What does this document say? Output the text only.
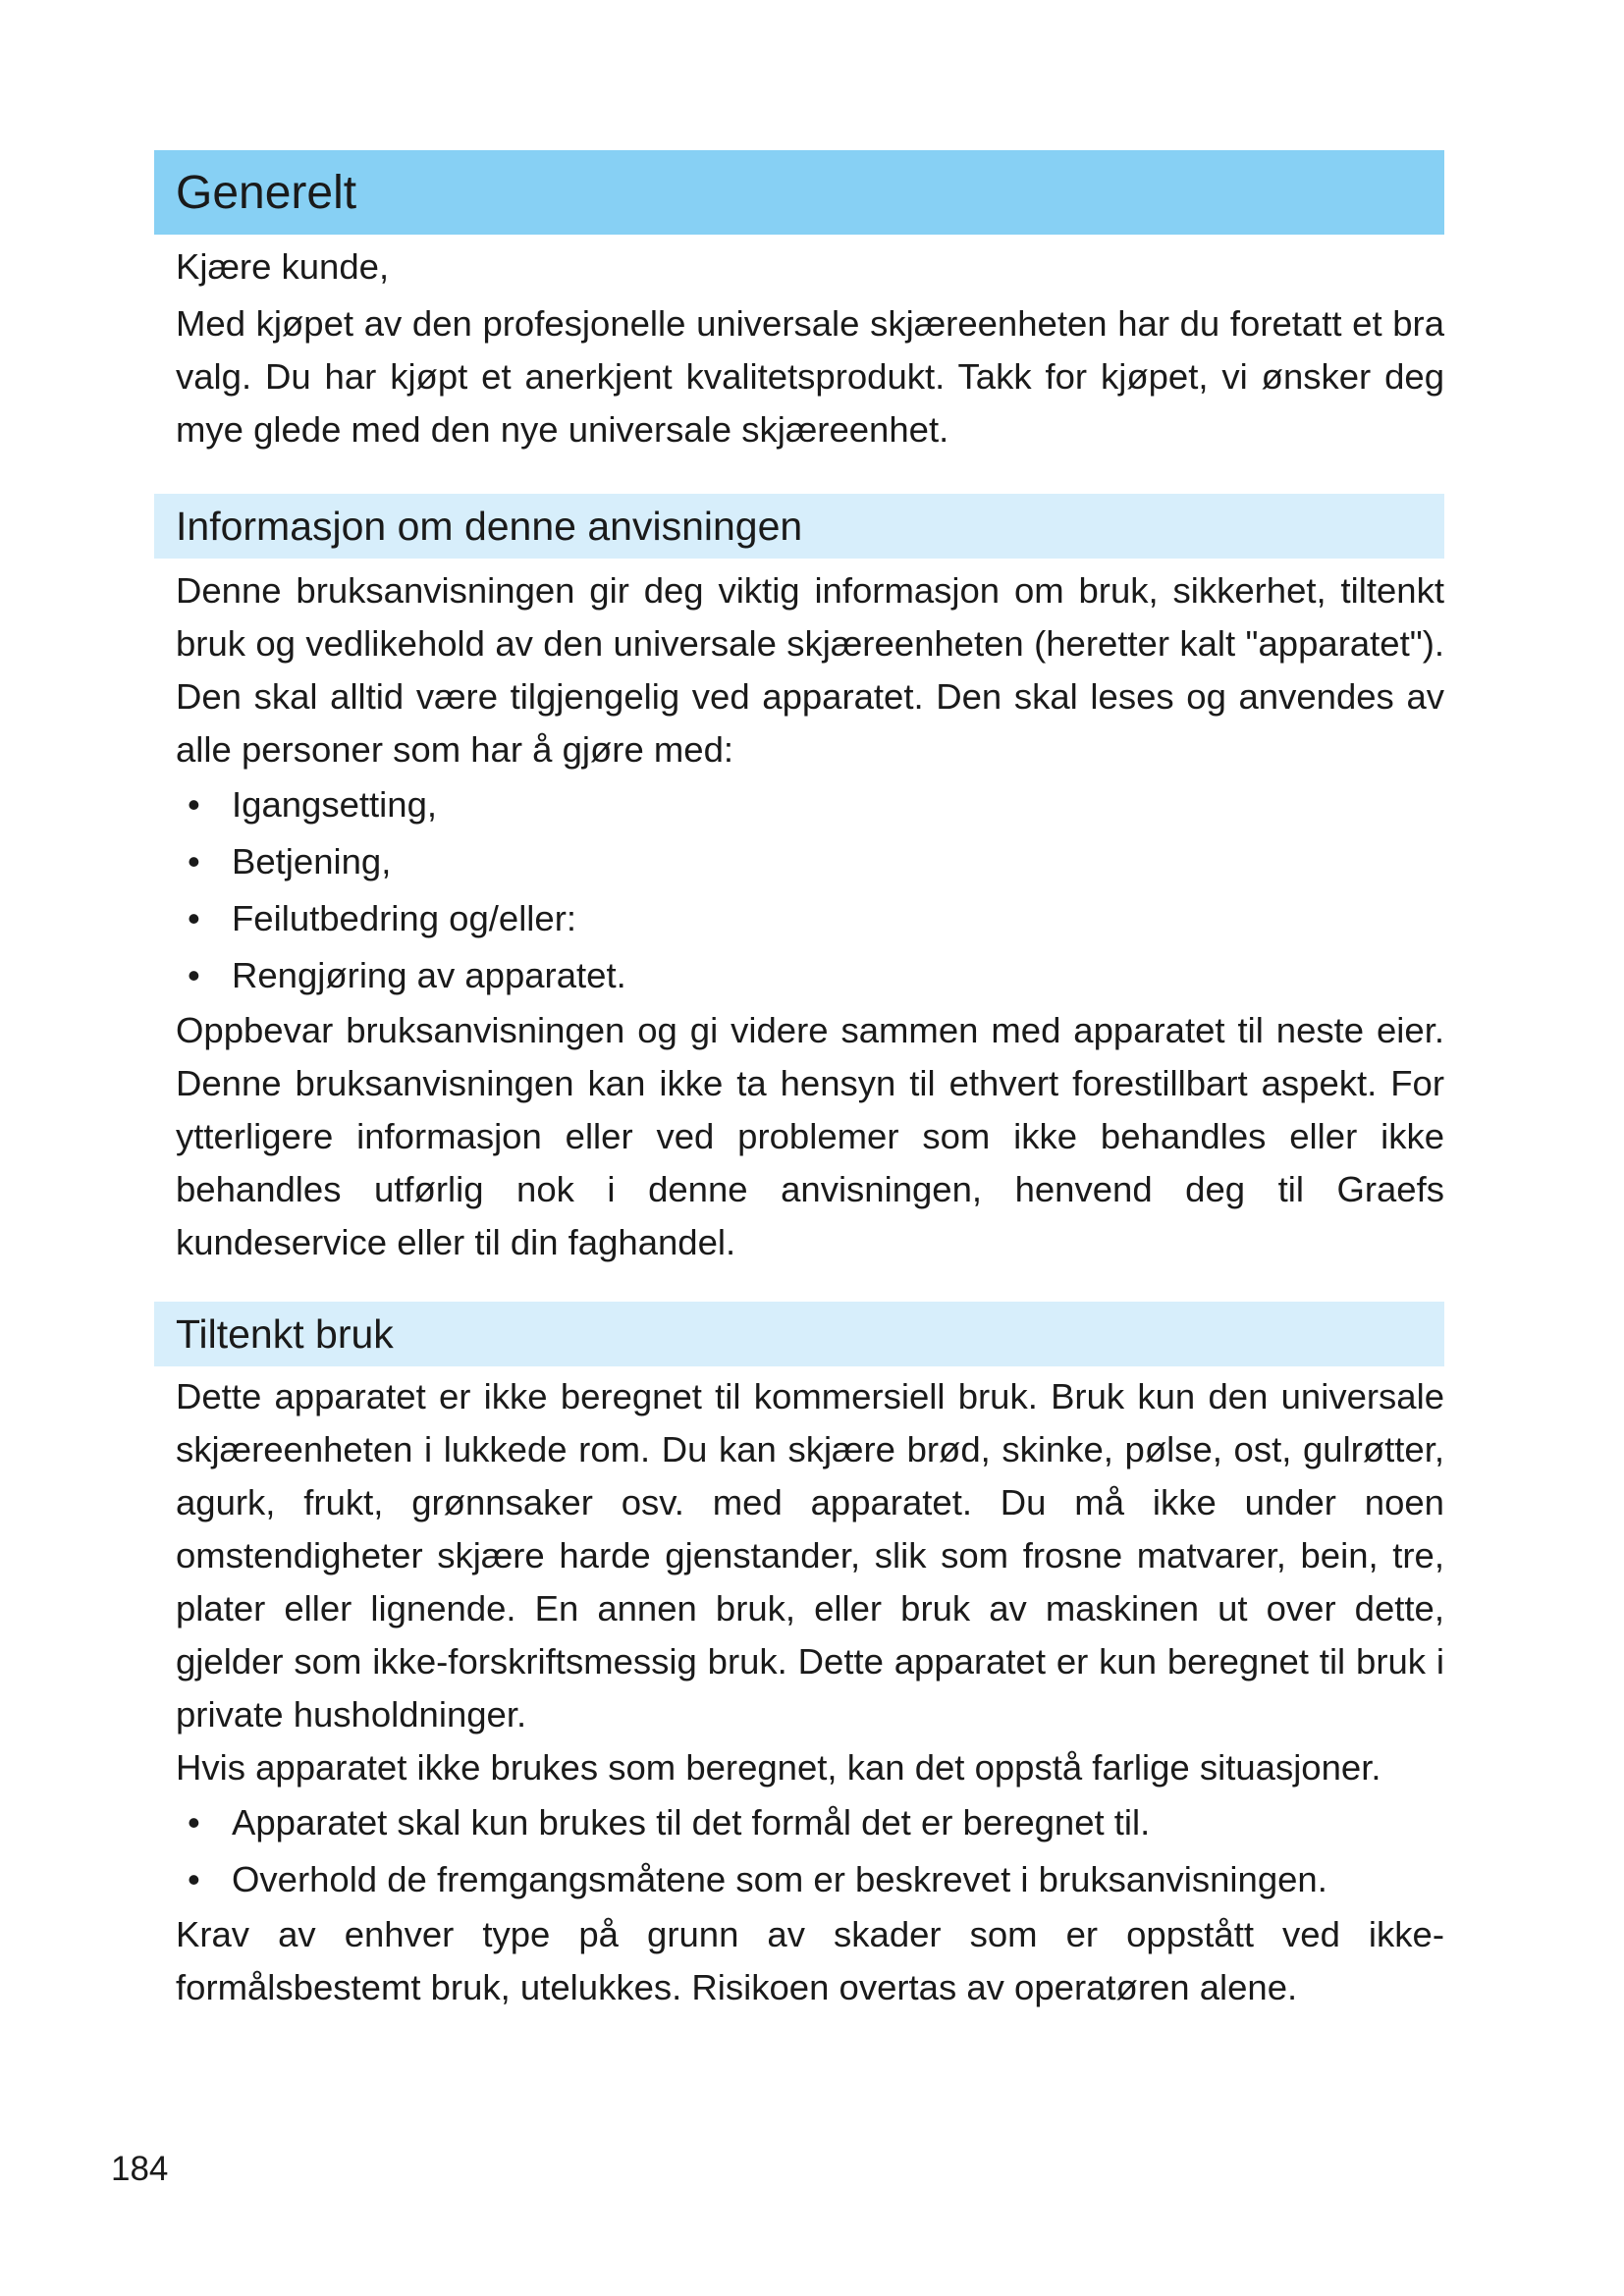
Generelt

Kjære kunde,

Med kjøpet av den profesjonelle universale skjæreenheten har du foretatt et bra valg. Du har kjøpt et anerkjent kvalitetsprodukt. Takk for kjøpet, vi ønsker deg mye glede med den nye universale skjæreenhet.

Informasjon om denne anvisningen

Denne bruksanvisningen gir deg viktig informasjon om bruk, sikkerhet, tiltenkt bruk og vedlikehold av den universale skjæreenheten (heretter kalt "apparatet"). Den skal alltid være tilgjengelig ved apparatet. Den skal leses og anvendes av alle personer som har å gjøre med:

• Igangsetting,
• Betjening,
• Feilutbedring og/eller:
• Rengjøring av apparatet.

Oppbevar bruksanvisningen og gi videre sammen med apparatet til neste eier. Denne bruksanvisningen kan ikke ta hensyn til ethvert forestillbart aspekt. For ytterligere informasjon eller ved problemer som ikke behandles eller ikke behandles utførlig nok i denne anvisningen, henvend deg til Graefs kundeservice eller til din faghandel.

Tiltenkt bruk

Dette apparatet er ikke beregnet til kommersiell bruk. Bruk kun den universale skjæreenheten i lukkede rom. Du kan skjære brød, skinke, pølse, ost, gulrøtter, agurk, frukt, grønnsaker osv. med apparatet. Du må ikke under noen omstendigheter skjære harde gjenstander, slik som frosne matvarer, bein, tre, plater eller lignende. En annen bruk, eller bruk av maskinen ut over dette, gjelder som ikke-forskriftsmessig bruk. Dette apparatet er kun beregnet til bruk i private husholdninger.

Hvis apparatet ikke brukes som beregnet, kan det oppstå farlige situasjoner.

• Apparatet skal kun brukes til det formål det er beregnet til.
• Overhold de fremgangsmåtene som er beskrevet i bruksanvisningen.

Krav av enhver type på grunn av skader som er oppstått ved ikke-formålsbestemt bruk, utelukkes. Risikoen overtas av operatøren alene.

184
